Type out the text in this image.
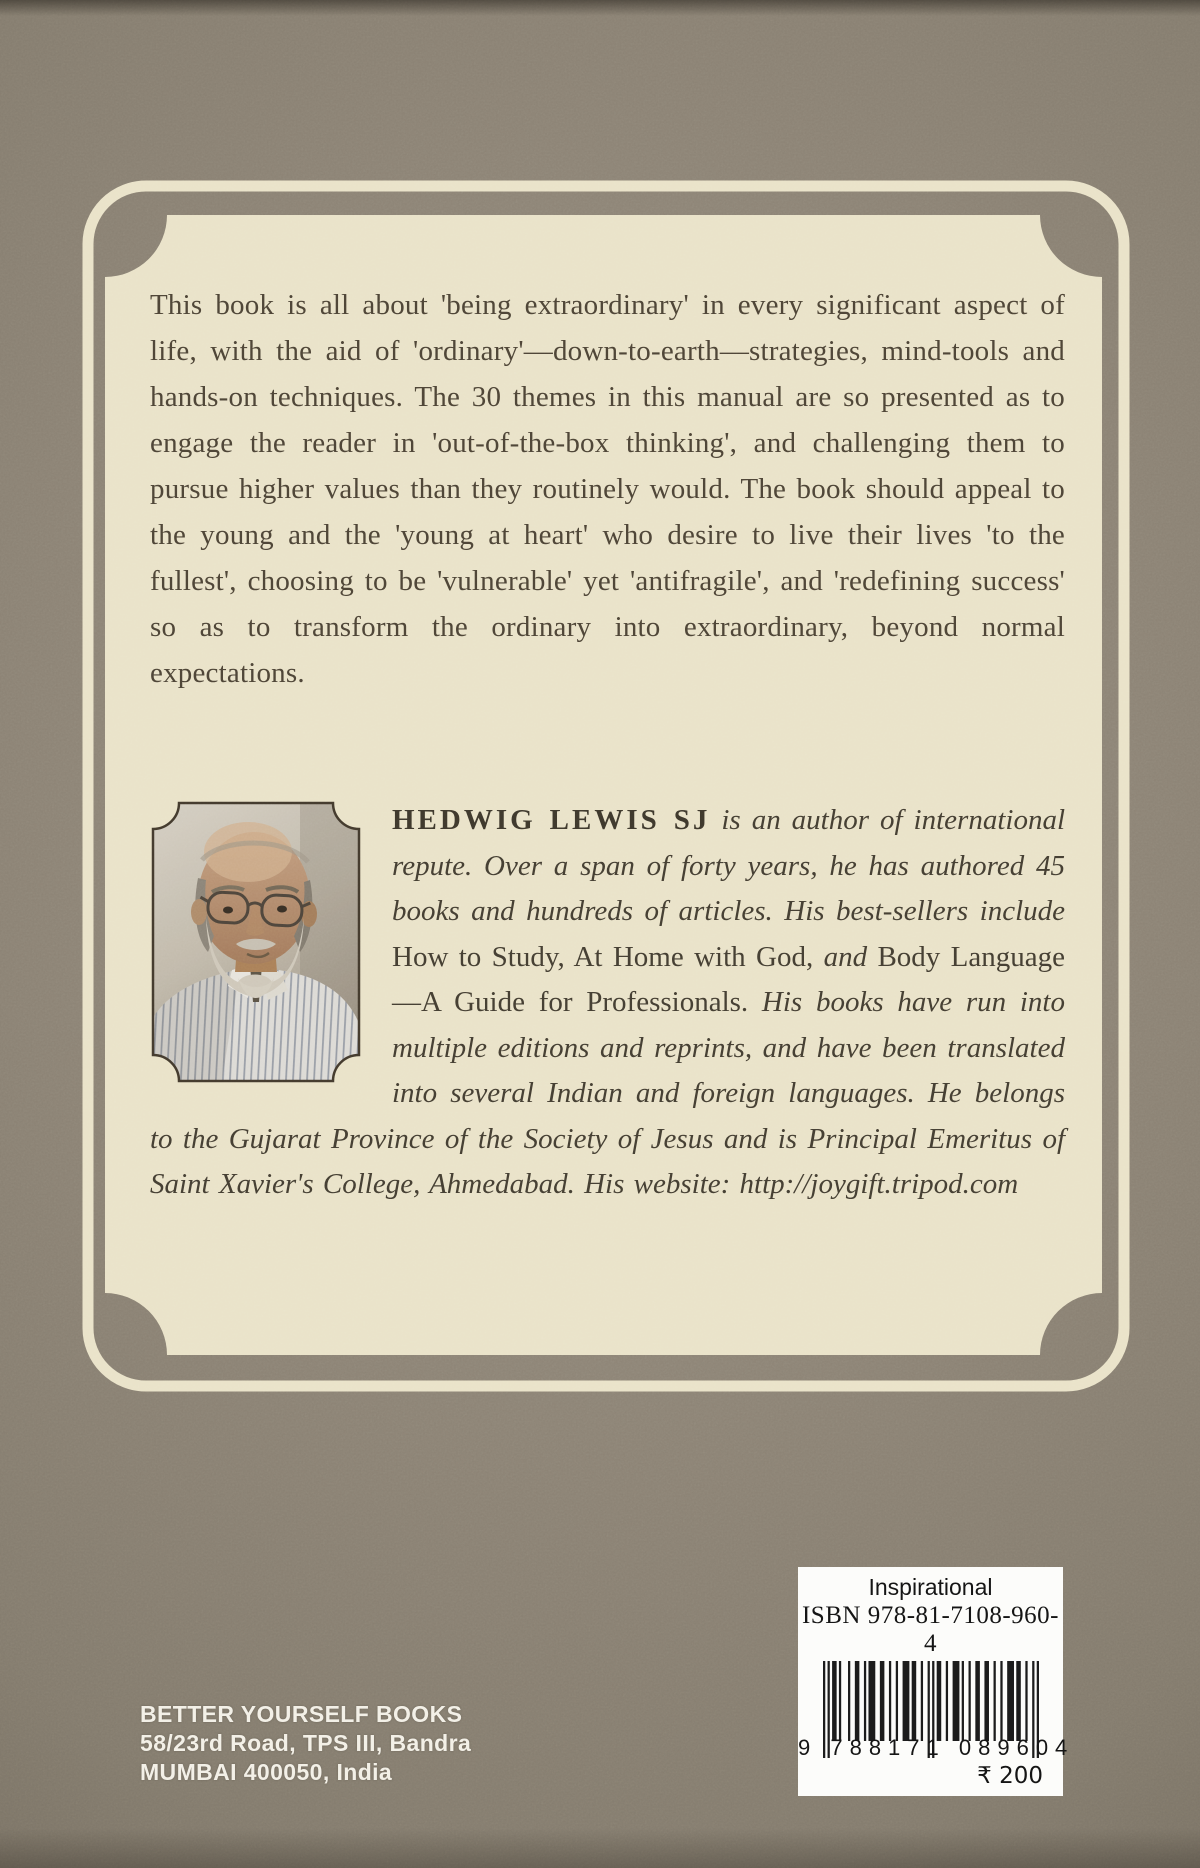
This book is all about 'being extraordinary' in every significant aspect of life, with the aid of 'ordinary'—down-to-earth—strategies, mind-tools and hands-on techniques. The 30 themes in this manual are so presented as to engage the reader in 'out-of-the-box thinking', and challenging them to pursue higher values than they routinely would. The book should appeal to the young and the 'young at heart' who desire to live their lives 'to the fullest', choosing to be 'vulnerable' yet 'antifragile', and 'redefining success' so as to transform the ordinary into extraordinary, beyond normal expectations.

HEDWIG LEWIS SJ is an author of international repute. Over a span of forty years, he has authored 45 books and hundreds of articles. His best-sellers include How to Study, At Home with God, and Body Language—A Guide for Professionals. His books have run into multiple editions and reprints, and have been translated into several Indian and foreign languages. He belongs to the Gujarat Province of the Society of Jesus and is Principal Emeritus of Saint Xavier's College, Ahmedabad. His website: http://joygift.tripod.com

BETTER YOURSELF BOOKS
58/23rd Road, TPS III, Bandra
MUMBAI 400050, India
Inspirational
ISBN 978-81-7108-960-4
9 788171 089604
₹ 200
